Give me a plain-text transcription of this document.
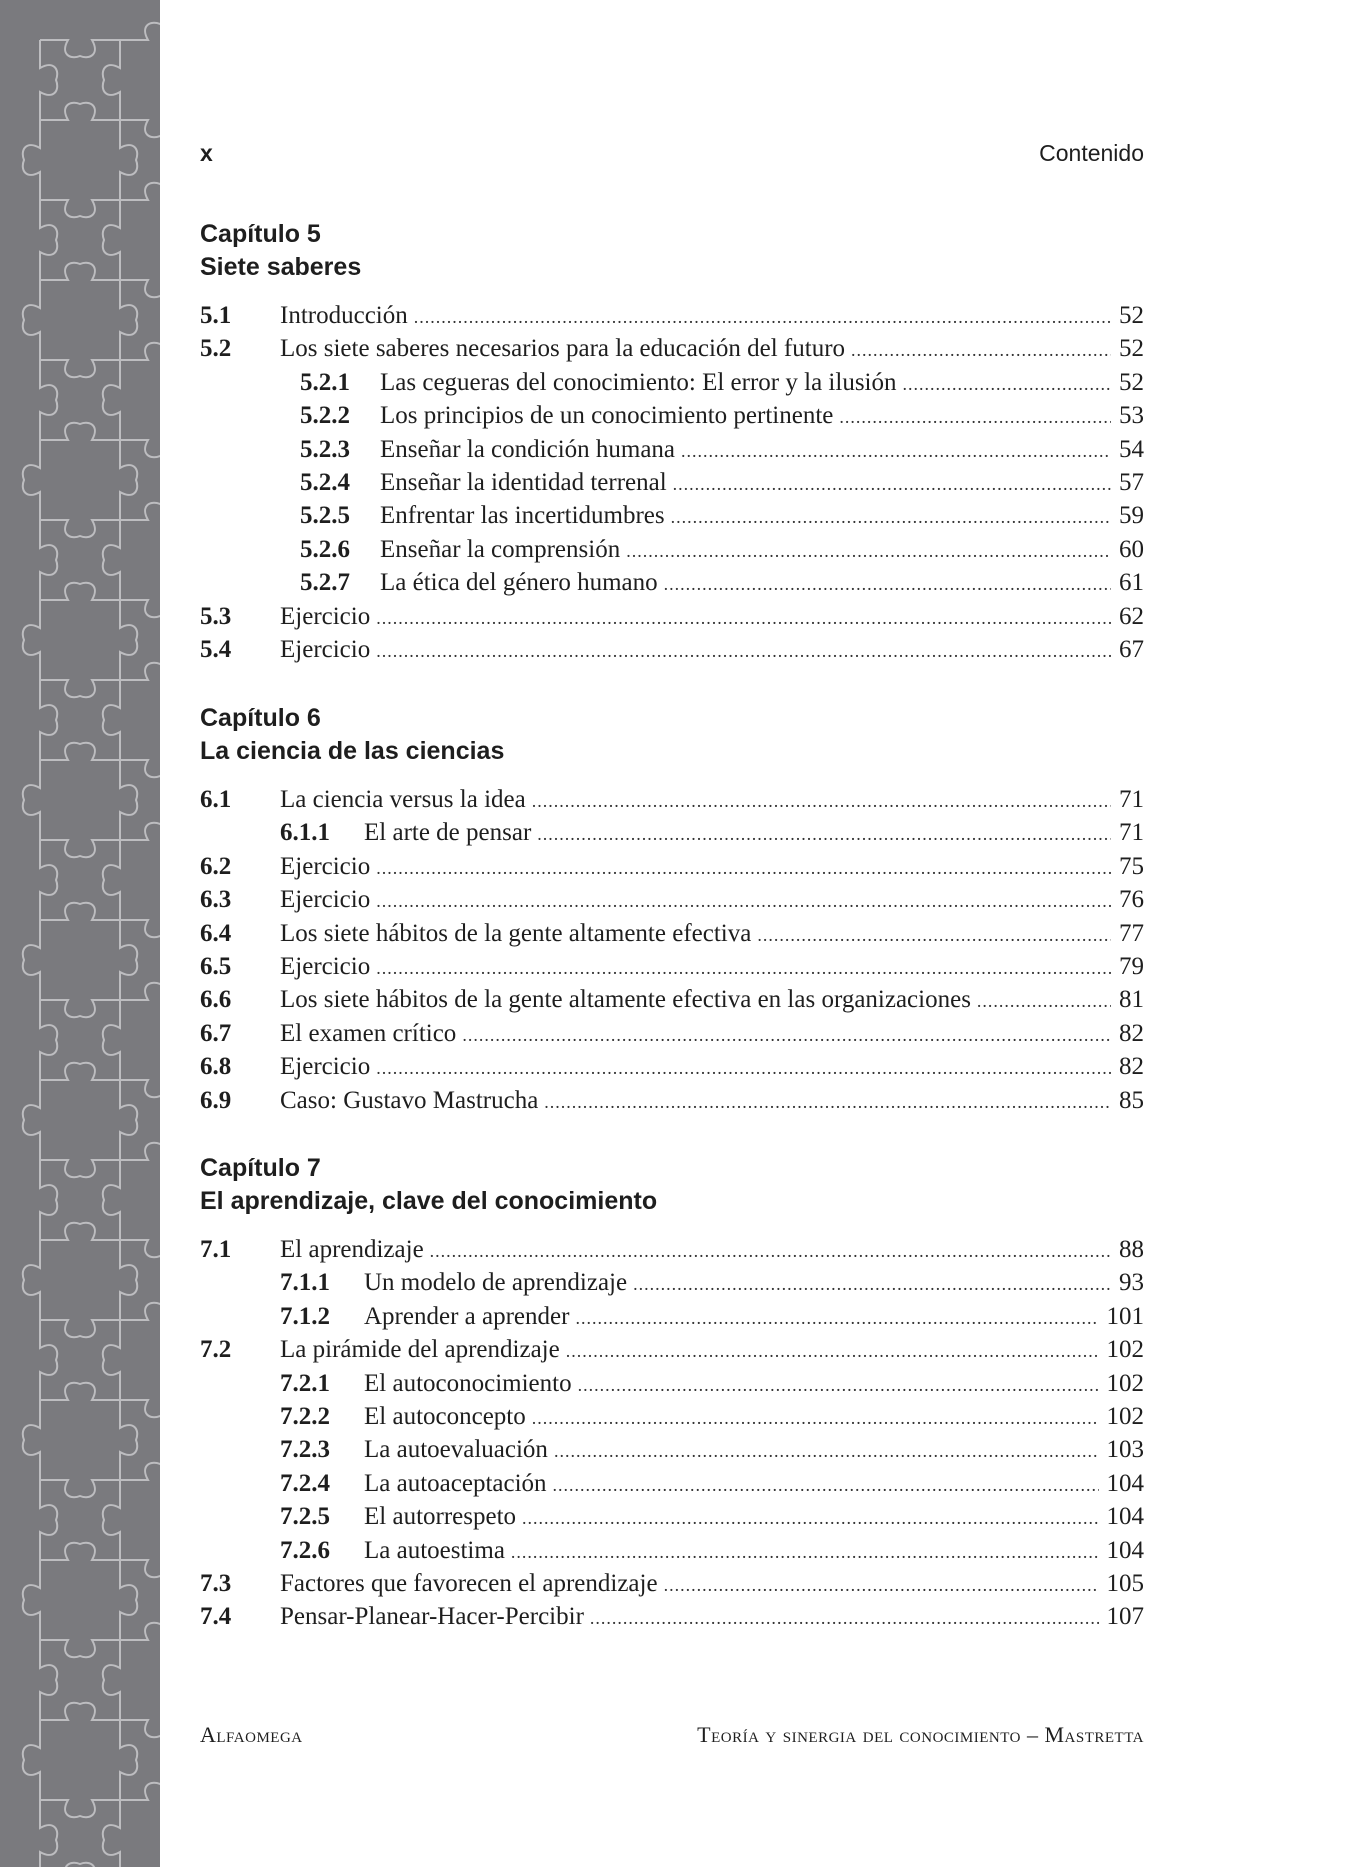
x	Contenido
Capítulo 5
Siete saberes
5.1	Introducción .....	52
5.2	Los siete saberes necesarios para la educación del futuro .....	52
5.2.1	Las cegueras del conocimiento: El error y la ilusión .....	52
5.2.2	Los principios de un conocimiento pertinente .....	53
5.2.3	Enseñar la condición humana .....	54
5.2.4	Enseñar la identidad terrenal .....	57
5.2.5	Enfrentar las incertidumbres .....	59
5.2.6	Enseñar la comprensión .....	60
5.2.7	La ética del género humano .....	61
5.3	Ejercicio .....	62
5.4	Ejercicio .....	67
Capítulo 6
La ciencia de las ciencias
6.1	La ciencia versus la idea .....	71
6.1.1	El arte de pensar .....	71
6.2	Ejercicio .....	75
6.3	Ejercicio .....	76
6.4	Los siete hábitos de la gente altamente efectiva .....	77
6.5	Ejercicio .....	79
6.6	Los siete hábitos de la gente altamente efectiva en las organizaciones .....	81
6.7	El examen crítico .....	82
6.8	Ejercicio .....	82
6.9	Caso: Gustavo Mastrucha .....	85
Capítulo 7
El aprendizaje, clave del conocimiento
7.1	El aprendizaje .....	88
7.1.1	Un modelo de aprendizaje .....	93
7.1.2	Aprender a aprender .....	101
7.2	La pirámide del aprendizaje .....	102
7.2.1	El autoconocimiento .....	102
7.2.2	El autoconcepto .....	102
7.2.3	La autoevaluación .....	103
7.2.4	La autoaceptación .....	104
7.2.5	El autorrespeto .....	104
7.2.6	La autoestima .....	104
7.3	Factores que favorecen el aprendizaje .....	105
7.4	Pensar-Planear-Hacer-Percibir .....	107
Alfaomega	Teoría y sinergia del conocimiento – Mastretta
